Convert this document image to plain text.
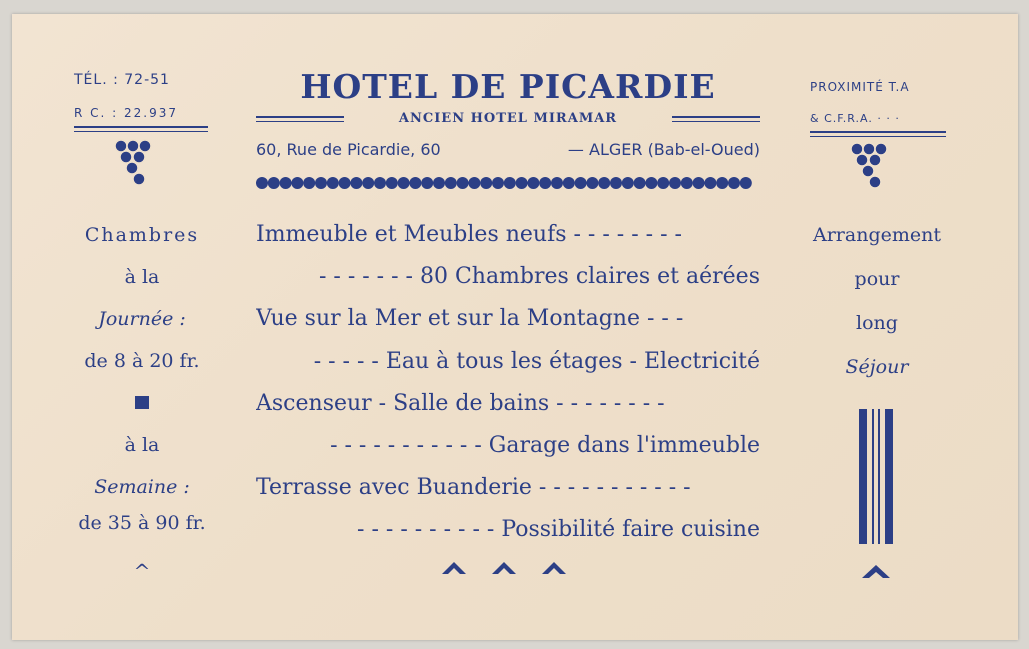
TÉL. : 72-51
R C. : 22.937
PROXIMITÉ T.A
& C.F.R.A. · · ·
HOTEL DE PICARDIE
ANCIEN HOTEL MIRAMAR
60, Rue de Picardie, 60	— ALGER (Bab-el-Oued)
Chambres
à la
Journée :
de 8 à 20 fr.
à la
Semaine :
de 35 à 90 fr.
^
Immeuble et Meubles neufs - - - - - - - -
- - - - - - - 80 Chambres claires et aérées
Vue sur la Mer et sur la Montagne - - -
- - - - - Eau à tous les étages - Electricité
Ascenseur - Salle de bains - - - - - - - -
- - - - - - - - - - - Garage dans l'immeuble
Terrasse avec Buanderie - - - - - - - - - - -
- - - - - - - - - - Possibilité faire cuisine
Arrangement
pour
long
Séjour
